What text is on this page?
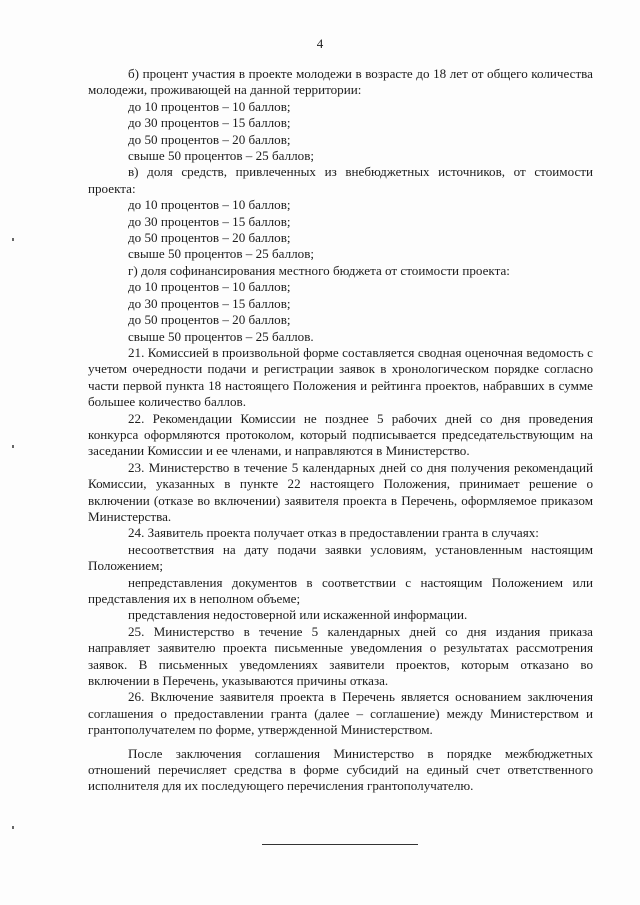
4

б) процент участия в проекте молодежи в возрасте до 18 лет от общего количества молодежи, проживающей на данной территории:

до 10 процентов – 10 баллов;

до 30 процентов – 15 баллов;

до 50 процентов – 20 баллов;

свыше 50 процентов – 25 баллов;

в) доля средств, привлеченных из внебюджетных источников, от стоимости проекта:

до 10 процентов – 10 баллов;

до 30 процентов – 15 баллов;

до 50 процентов – 20 баллов;

свыше 50 процентов – 25 баллов;

г) доля софинансирования местного бюджета от стоимости проекта:

до 10 процентов – 10 баллов;

до 30 процентов – 15 баллов;

до 50 процентов – 20 баллов;

свыше 50 процентов – 25 баллов.

21. Комиссией в произвольной форме составляется сводная оценочная ведомость с учетом очередности подачи и регистрации заявок в хронологическом порядке согласно части первой пункта 18 настоящего Положения и рейтинга проектов, набравших в сумме большее количество баллов.

22. Рекомендации Комиссии не позднее 5 рабочих дней со дня проведения конкурса оформляются протоколом, который подписывается председательствующим на заседании Комиссии и ее членами, и направляются в Министерство.

23. Министерство в течение 5 календарных дней со дня получения рекомендаций Комиссии, указанных в пункте 22 настоящего Положения, принимает решение о включении (отказе во включении) заявителя проекта в Перечень, оформляемое приказом Министерства.

24. Заявитель проекта получает отказ в предоставлении гранта в случаях:

несоответствия на дату подачи заявки условиям, установленным настоящим Положением;

непредставления документов в соответствии с настоящим Положением или представления их в неполном объеме;

представления недостоверной или искаженной информации.

25. Министерство в течение 5 календарных дней со дня издания приказа направляет заявителю проекта письменные уведомления о результатах рассмотрения заявок. В письменных уведомлениях заявители проектов, которым отказано во включении в Перечень, указываются причины отказа.

26. Включение заявителя проекта в Перечень является основанием заключения соглашения о предоставлении гранта (далее – соглашение) между Министерством и грантополучателем по форме, утвержденной Министерством.

После заключения соглашения Министерство в порядке межбюджетных отношений перечисляет средства в форме субсидий на единый счет ответственного исполнителя для их последующего перечисления грантополучателю.
